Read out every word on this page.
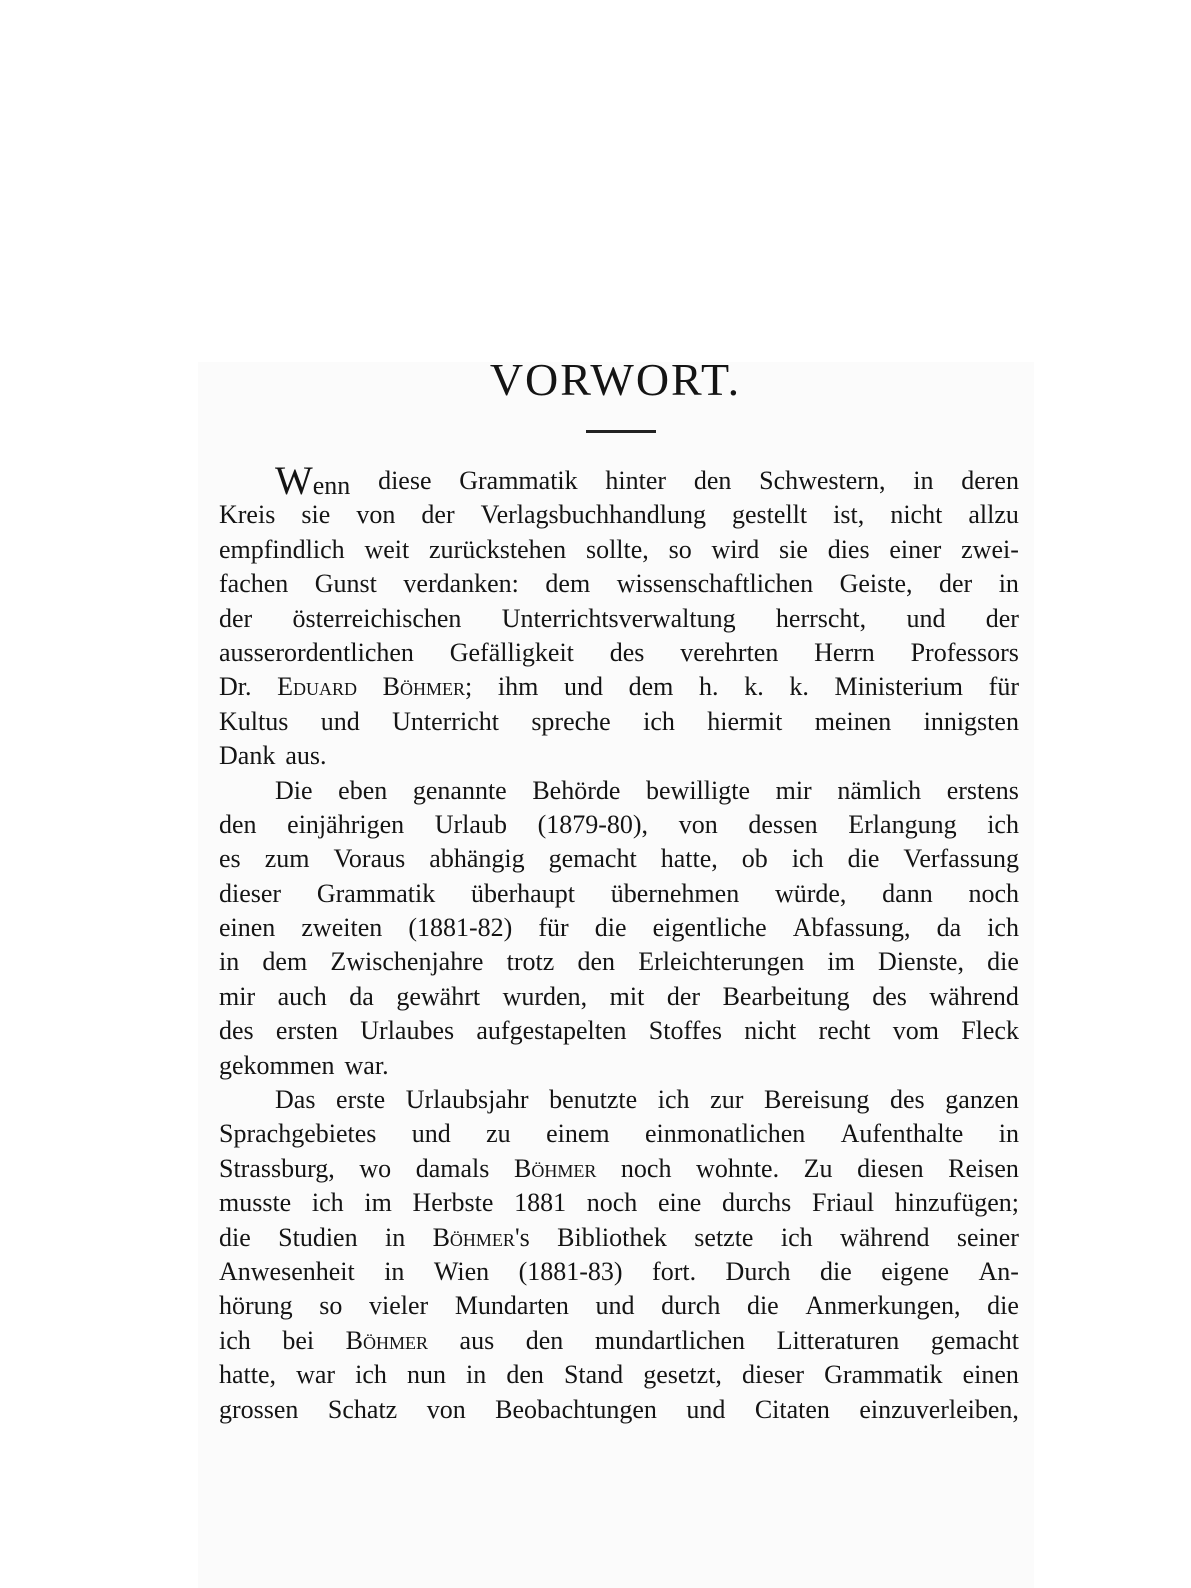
VORWORT.
Wenn diese Grammatik hinter den Schwestern, in deren
Kreis sie von der Verlagsbuchhandlung gestellt ist, nicht allzu
empfindlich weit zurückstehen sollte, so wird sie dies einer zwei-
fachen Gunst verdanken: dem wissenschaftlichen Geiste, der in
der österreichischen Unterrichtsverwaltung herrscht, und der
ausserordentlichen Gefälligkeit des verehrten Herrn Professors
Dr. Eduard Böhmer; ihm und dem h. k. k. Ministerium für
Kultus und Unterricht spreche ich hiermit meinen innigsten
Dank aus.
Die eben genannte Behörde bewilligte mir nämlich erstens
den einjährigen Urlaub (1879-80), von dessen Erlangung ich
es zum Voraus abhängig gemacht hatte, ob ich die Verfassung
dieser Grammatik überhaupt übernehmen würde, dann noch
einen zweiten (1881-82) für die eigentliche Abfassung, da ich
in dem Zwischenjahre trotz den Erleichterungen im Dienste, die
mir auch da gewährt wurden, mit der Bearbeitung des während
des ersten Urlaubes aufgestapelten Stoffes nicht recht vom Fleck
gekommen war.
Das erste Urlaubsjahr benutzte ich zur Bereisung des ganzen
Sprachgebietes und zu einem einmonatlichen Aufenthalte in
Strassburg, wo damals Böhmer noch wohnte. Zu diesen Reisen
musste ich im Herbste 1881 noch eine durchs Friaul hinzufügen;
die Studien in Böhmer's Bibliothek setzte ich während seiner
Anwesenheit in Wien (1881-83) fort. Durch die eigene An-
hörung so vieler Mundarten und durch die Anmerkungen, die
ich bei Böhmer aus den mundartlichen Litteraturen gemacht
hatte, war ich nun in den Stand gesetzt, dieser Grammatik einen
grossen Schatz von Beobachtungen und Citaten einzuverleiben,
